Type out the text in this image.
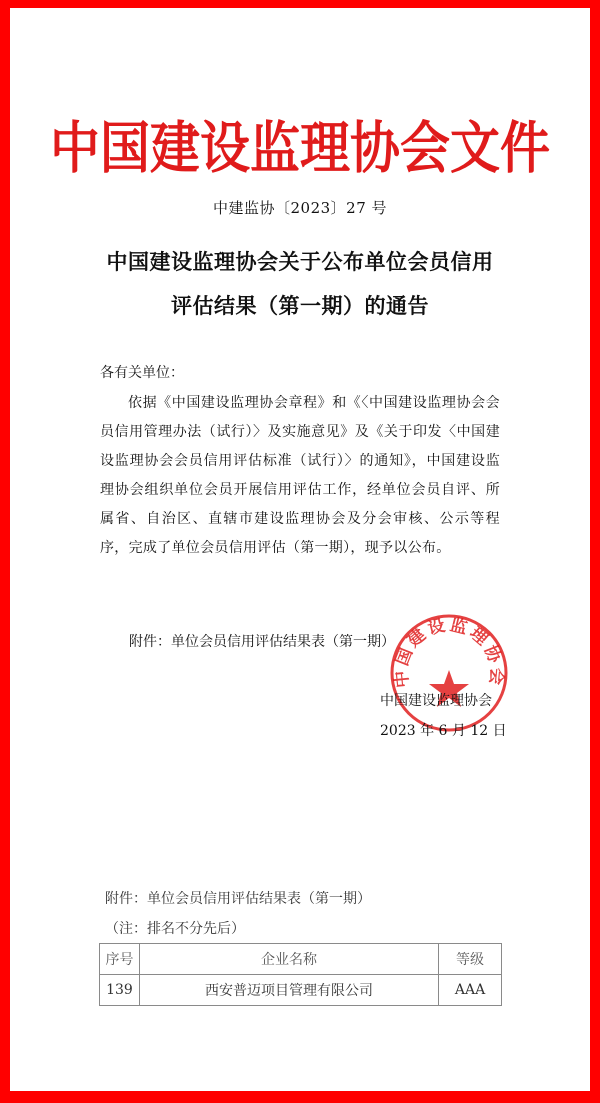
中国建设监理协会文件
中建监协〔2023〕27 号
中国建设监理协会关于公布单位会员信用
评估结果（第一期）的通告
各有关单位：
依据《中国建设监理协会章程》和《〈中国建设监理协会会员信用管理办法（试行）〉及实施意见》及《关于印发〈中国建设监理协会会员信用评估标准（试行）〉的通知》，中国建设监理协会组织单位会员开展信用评估工作，经单位会员自评、所属省、自治区、直辖市建设监理协会及分会审核、公示等程序，完成了单位会员信用评估（第一期），现予以公布。
附件：单位会员信用评估结果表（第一期）
中国建设监理协会
中国建设监理协会
2023 年 6 月 12 日
附件：单位会员信用评估结果表（第一期）
（注：排名不分先后）
序号	企业名称	等级
139	西安普迈项目管理有限公司	AAA
